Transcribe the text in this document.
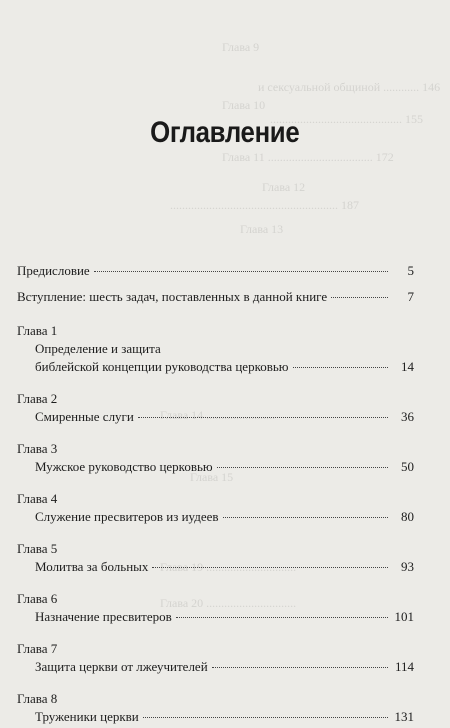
Глава 9
и сексуальной общиной ............ 146
Глава 10
............................................ 155
Глава 11 ................................... 172
Глава 12
........................................................ 187
Глава 13
Глава 14 .......................
Глава 15
Глава 19 ..............................
Глава 20 ..............................
Оглавление
Предисловие	5
Вступление: шесть задач, поставленных в данной книге	7
Глава 1
Определение и защита
библейской концепции руководства церковью	14
Глава 2
Смиренные слуги	36
Глава 3
Мужское руководство церковью	50
Глава 4
Служение пресвитеров из иудеев	80
Глава 5
Молитва за больных	93
Глава 6
Назначение пресвитеров	101
Глава 7
Защита церкви от лжеучителей	114
Глава 8
Труженики церкви	131
